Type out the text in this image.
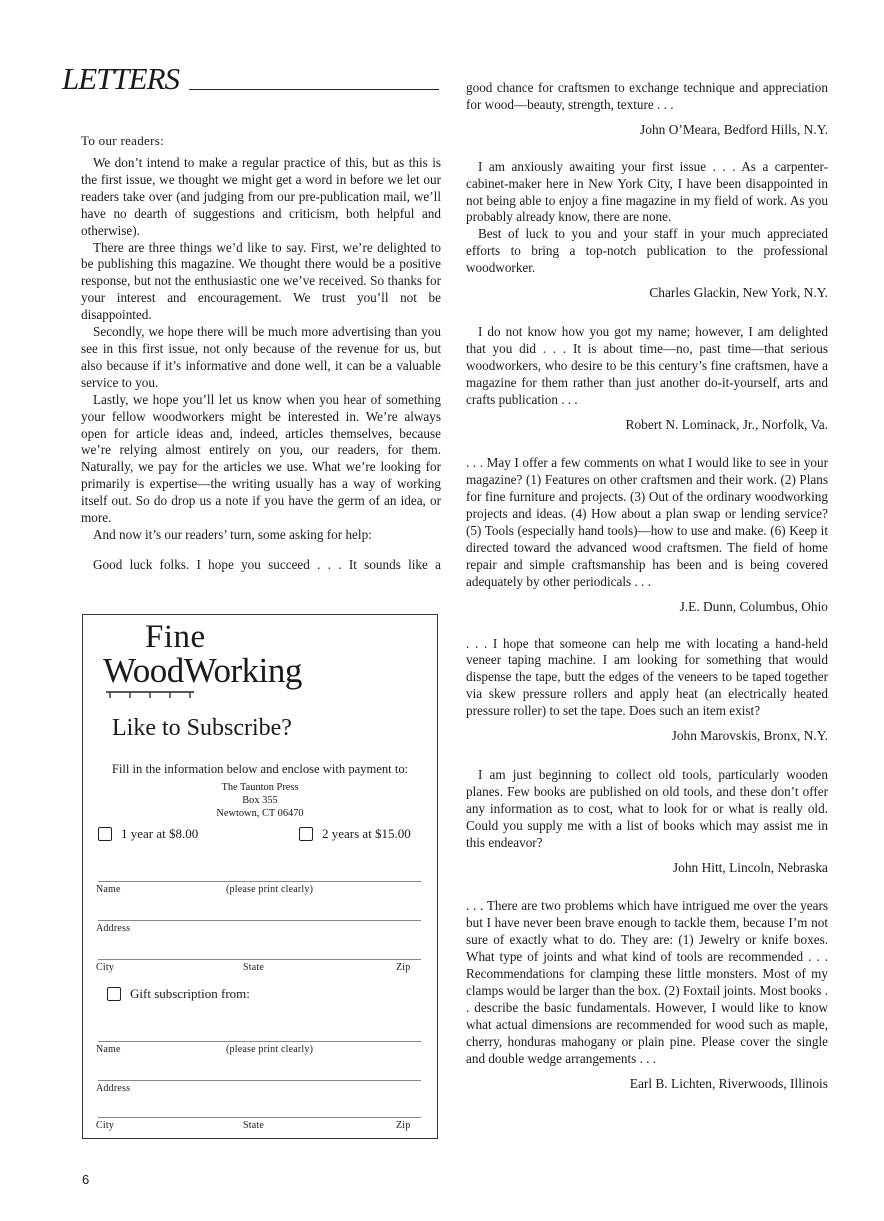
LETTERS
To our readers:

We don’t intend to make a regular practice of this, but as this is the first issue, we thought we might get a word in before we let our readers take over (and judging from our pre-publication mail, we’ll have no dearth of suggestions and criticism, both helpful and otherwise).

There are three things we’d like to say. First, we’re delighted to be publishing this magazine. We thought there would be a positive response, but not the enthusiastic one we’ve received. So thanks for your interest and encouragement. We trust you’ll not be disappointed.

Secondly, we hope there will be much more advertising than you see in this first issue, not only because of the revenue for us, but also because if it’s informative and done well, it can be a valuable service to you.

Lastly, we hope you’ll let us know when you hear of something your fellow woodworkers might be interested in. We’re always open for article ideas and, indeed, articles themselves, because we’re relying almost entirely on you, our readers, for them. Naturally, we pay for the articles we use. What we’re looking for primarily is expertise—the writing usually has a way of working itself out. So do drop us a note if you have the germ of an idea, or more.

And now it’s our readers’ turn, some asking for help:

Good luck folks. I hope you succeed . . . It sounds like a

good chance for craftsmen to exchange technique and appreciation for wood—beauty, strength, texture . . .

John O’Meara, Bedford Hills, N.Y.

I am anxiously awaiting your first issue . . . As a carpenter-cabinet-maker here in New York City, I have been disappointed in not being able to enjoy a fine magazine in my field of work. As you probably already know, there are none.

Best of luck to you and your staff in your much appreciated efforts to bring a top-notch publication to the professional woodworker.

Charles Glackin, New York, N.Y.

I do not know how you got my name; however, I am delighted that you did . . . It is about time—no, past time—that serious woodworkers, who desire to be this century’s fine craftsmen, have a magazine for them rather than just another do-it-yourself, arts and crafts publication . . .

Robert N. Lominack, Jr., Norfolk, Va.

. . . May I offer a few comments on what I would like to see in your magazine? (1) Features on other craftsmen and their work. (2) Plans for fine furniture and projects. (3) Out of the ordinary woodworking projects and ideas. (4) How about a plan swap or lending service? (5) Tools (especially hand tools)—how to use and make. (6) Keep it directed toward the advanced wood craftsmen. The field of home repair and simple craftsmanship has been and is being covered adequately by other periodicals . . .

J.E. Dunn, Columbus, Ohio

. . . I hope that someone can help me with locating a hand-held veneer taping machine. I am looking for something that would dispense the tape, butt the edges of the veneers to be taped together via skew pressure rollers and apply heat (an electrically heated pressure roller) to set the tape. Does such an item exist?

John Marovskis, Bronx, N.Y.

I am just beginning to collect old tools, particularly wooden planes. Few books are published on old tools, and these don’t offer any information as to cost, what to look for or what is really old. Could you supply me with a list of books which may assist me in this endeavor?

John Hitt, Lincoln, Nebraska

. . . There are two problems which have intrigued me over the years but I have never been brave enough to tackle them, because I’m not sure of exactly what to do. They are: (1) Jewelry or knife boxes. What type of joints and what kind of tools are recommended . . . Recommendations for clamping these little monsters. Most of my clamps would be larger than the box. (2) Foxtail joints. Most books . . describe the basic fundamentals. However, I would like to know what actual dimensions are recommended for wood such as maple, cherry, honduras mahogany or plain pine. Please cover the single and double wedge arrangements . . .

Earl B. Lichten, Riverwoods, Illinois
Fine
WoodWorking
Like to Subscribe?
Fill in the information below and enclose with payment to:
The Taunton Press
Box 355
Newtown, CT 06470
1 year at $8.00	2 years at $15.00
Name	(please print clearly)
Address
City	State	Zip
Gift subscription from:
Name	(please print clearly)
Address
City	State	Zip
6
